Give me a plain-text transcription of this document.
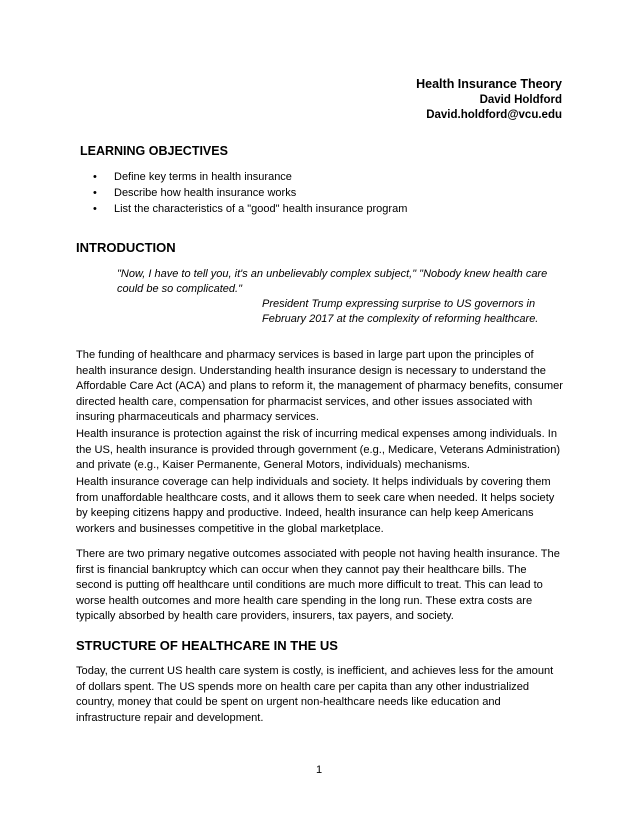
Health Insurance Theory
David Holdford
David.holdford@vcu.edu
LEARNING OBJECTIVES
• Define key terms in health insurance
• Describe how health insurance works
• List the characteristics of a "good" health insurance program
INTRODUCTION
"Now, I have to tell you, it's an unbelievably complex subject," "Nobody knew health care could be so complicated."
President Trump expressing surprise to US governors in February 2017 at the complexity of reforming healthcare.

The funding of healthcare and pharmacy services is based in large part upon the principles of health insurance design. Understanding health insurance design is necessary to understand the Affordable Care Act (ACA) and plans to reform it, the management of pharmacy benefits, consumer directed health care, compensation for pharmacist services, and other issues associated with insuring pharmaceuticals and pharmacy services.

Health insurance is protection against the risk of incurring medical expenses among individuals. In the US, health insurance is provided through government (e.g., Medicare, Veterans Administration) and private (e.g., Kaiser Permanente, General Motors, individuals) mechanisms.

Health insurance coverage can help individuals and society. It helps individuals by covering them from unaffordable healthcare costs, and it allows them to seek care when needed. It helps society by keeping citizens happy and productive. Indeed, health insurance can help keep Americans workers and businesses competitive in the global marketplace.

There are two primary negative outcomes associated with people not having health insurance. The first is financial bankruptcy which can occur when they cannot pay their healthcare bills. The second is putting off healthcare until conditions are much more difficult to treat. This can lead to worse health outcomes and more health care spending in the long run. These extra costs are typically absorbed by health care providers, insurers, tax payers, and society.

STRUCTURE OF HEALTHCARE IN THE US

Today, the current US health care system is costly, is inefficient, and achieves less for the amount of dollars spent. The US spends more on health care per capita than any other industrialized country, money that could be spent on urgent non-healthcare needs like education and infrastructure repair and development.

1
